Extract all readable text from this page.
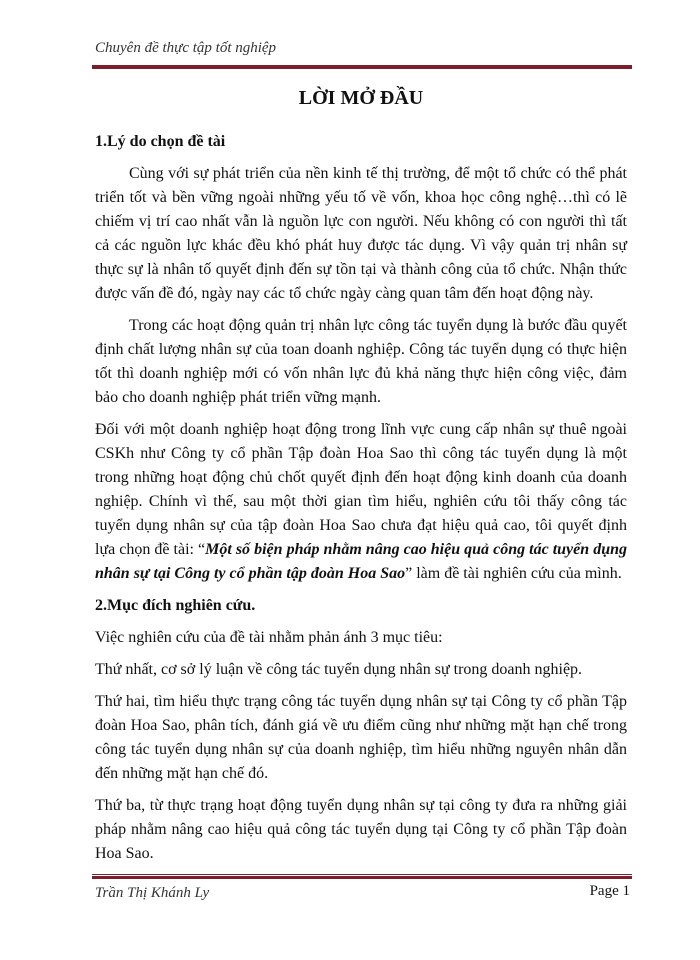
Chuyên đề thực tập tốt nghiệp
LỜI MỞ ĐẦU
1.Lý do chọn đề tài

Cùng với sự phát triển của nền kinh tế thị trường, để một tổ chức có thể phát triển tốt và bền vững ngoài những yếu tố về vốn, khoa học công nghệ…thì có lẽ chiếm vị trí cao nhất vẫn là nguồn lực con người. Nếu không có con người thì tất cả các nguồn lực khác đều khó phát huy được tác dụng. Vì vậy quản trị nhân sự thực sự là nhân tố quyết định đến sự tồn tại và thành công của tổ chức. Nhận thức được vấn đề đó, ngày nay các tổ chức ngày càng quan tâm đến hoạt động này.

Trong các hoạt động quản trị nhân lực công tác tuyển dụng là bước đầu quyết định chất lượng nhân sự của toan doanh nghiệp. Công tác tuyển dụng có thực hiện tốt thì doanh nghiệp mới có vốn nhân lực đủ khả năng thực hiện công việc, đảm bảo cho doanh nghiệp phát triển vững mạnh.

Đối với một doanh nghiệp hoạt động trong lĩnh vực cung cấp nhân sự thuê ngoài CSKh như Công ty cổ phần Tập đoàn Hoa Sao thì công tác tuyển dụng là một trong những hoạt động chủ chốt quyết định đến hoạt động kinh doanh của doanh nghiệp. Chính vì thế, sau một thời gian tìm hiểu, nghiên cứu tôi thấy công tác tuyển dụng nhân sự của tập đoàn Hoa Sao chưa đạt hiệu quả cao, tôi quyết định lựa chọn đề tài: “Một số biện pháp nhằm nâng cao hiệu quả công tác tuyển dụng nhân sự tại Công ty cổ phần tập đoàn Hoa Sao” làm đề tài nghiên cứu của mình.

2.Mục đích nghiên cứu.

Việc nghiên cứu của đề tài nhằm phản ánh 3 mục tiêu:

Thứ nhất, cơ sở lý luận về công tác tuyển dụng nhân sự trong doanh nghiệp.

Thứ hai, tìm hiểu thực trạng công tác tuyển dụng nhân sự tại Công ty cổ phần Tập đoàn Hoa Sao, phân tích, đánh giá về ưu điểm cũng như những mặt hạn chế trong công tác tuyển dụng nhân sự của doanh nghiệp, tìm hiểu những nguyên nhân dẫn đến những mặt hạn chế đó.

Thứ ba, từ thực trạng hoạt động tuyển dụng nhân sự tại công ty đưa ra những giải pháp nhằm nâng cao hiệu quả công tác tuyển dụng tại Công ty cổ phần Tập đoàn Hoa Sao.

Trần Thị Khánh Ly	Page 1
